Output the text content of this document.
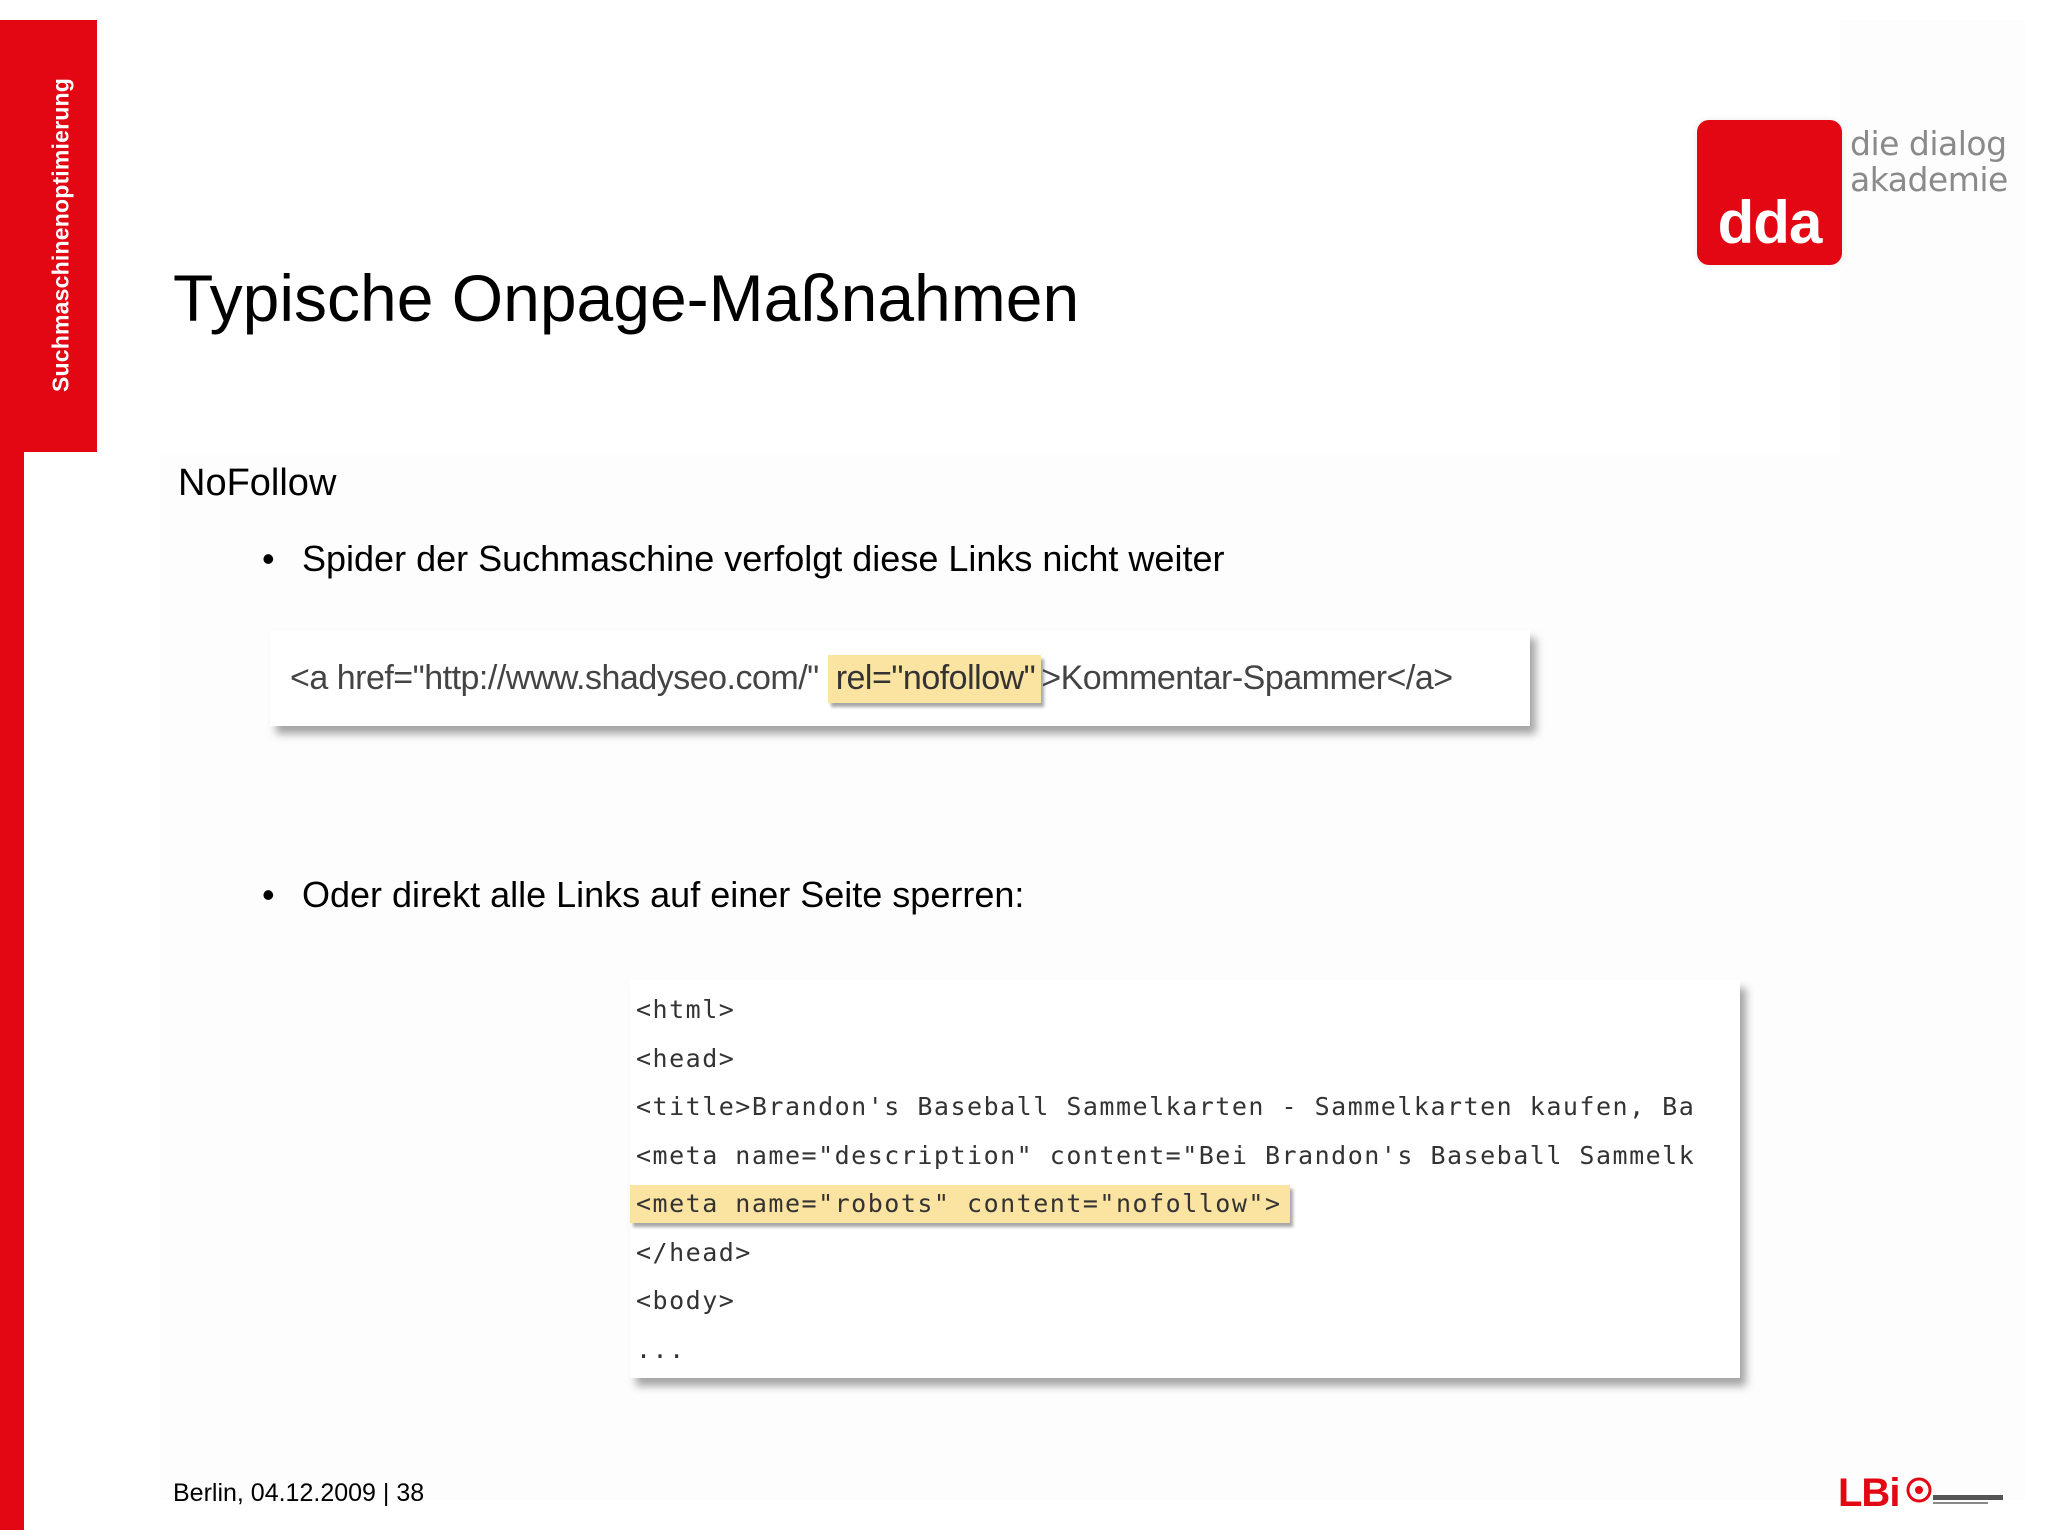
Suchmaschinenoptimierung	dda
die dialog
akademie
Typische Onpage-Maßnahmen
NoFollow
• Spider der Suchmaschine verfolgt diese Links nicht weiter
<a href="http://www.shadyseo.com/" rel="nofollow" >Kommentar-Spammer</a>
• Oder direkt alle Links auf einer Seite sperren:
<html>
<head>
<title>Brandon's Baseball Sammelkarten - Sammelkarten kaufen, Ba
<meta name="description" content="Bei Brandon's Baseball Sammelk
<meta name="robots" content="nofollow">
</head>
<body>
...
Berlin, 04.12.2009 | 38	LBi
